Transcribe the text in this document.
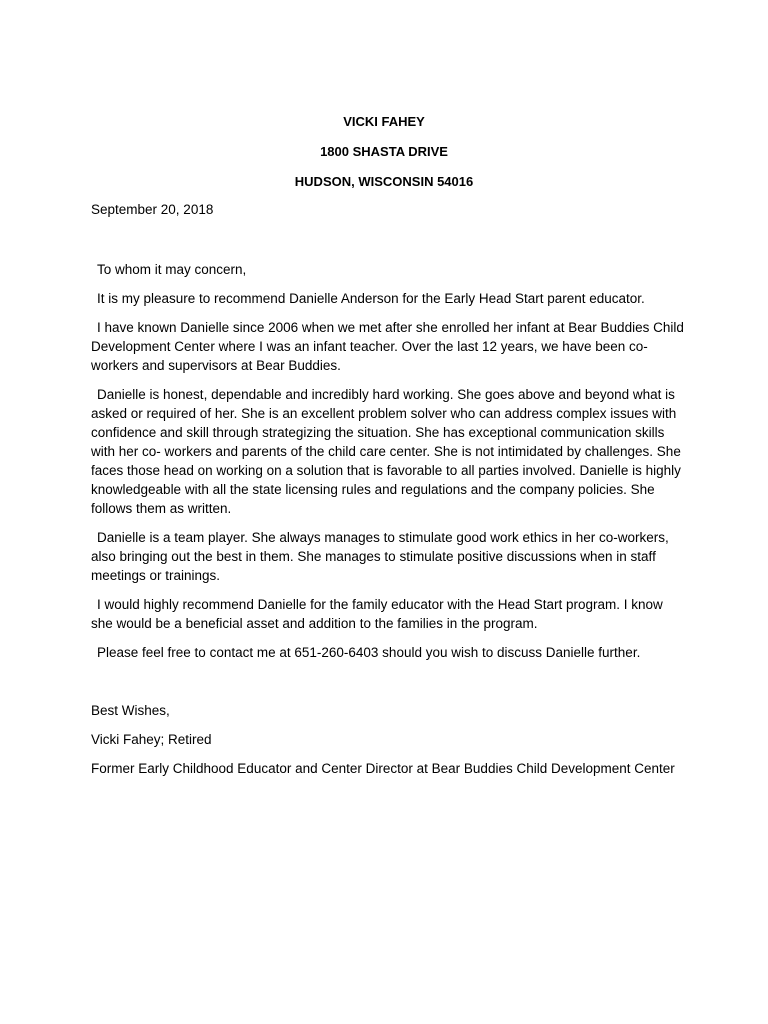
VICKI FAHEY
1800 SHASTA DRIVE
HUDSON, WISCONSIN 54016
September 20, 2018

To whom it may concern,

It is my pleasure to recommend Danielle Anderson for the Early Head Start parent educator.

I have known Danielle since 2006 when we met after she enrolled her infant at Bear Buddies Child Development Center where I was an infant teacher. Over the last 12 years, we have been co-workers and supervisors at Bear Buddies.

Danielle is honest, dependable and incredibly hard working. She goes above and beyond what is asked or required of her. She is an excellent problem solver who can address complex issues with confidence and skill through strategizing the situation. She has exceptional communication skills with her co- workers and parents of the child care center. She is not intimidated by challenges. She faces those head on working on a solution that is favorable to all parties involved. Danielle is highly knowledgeable with all the state licensing rules and regulations and the company policies. She follows them as written.

Danielle is a team player. She always manages to stimulate good work ethics in her co-workers, also bringing out the best in them. She manages to stimulate positive discussions when in staff meetings or trainings.

I would highly recommend Danielle for the family educator with the Head Start program. I know she would be a beneficial asset and addition to the families in the program.

Please feel free to contact me at 651-260-6403 should you wish to discuss Danielle further.

Best Wishes,

Vicki Fahey; Retired

Former Early Childhood Educator and Center Director at Bear Buddies Child Development Center
